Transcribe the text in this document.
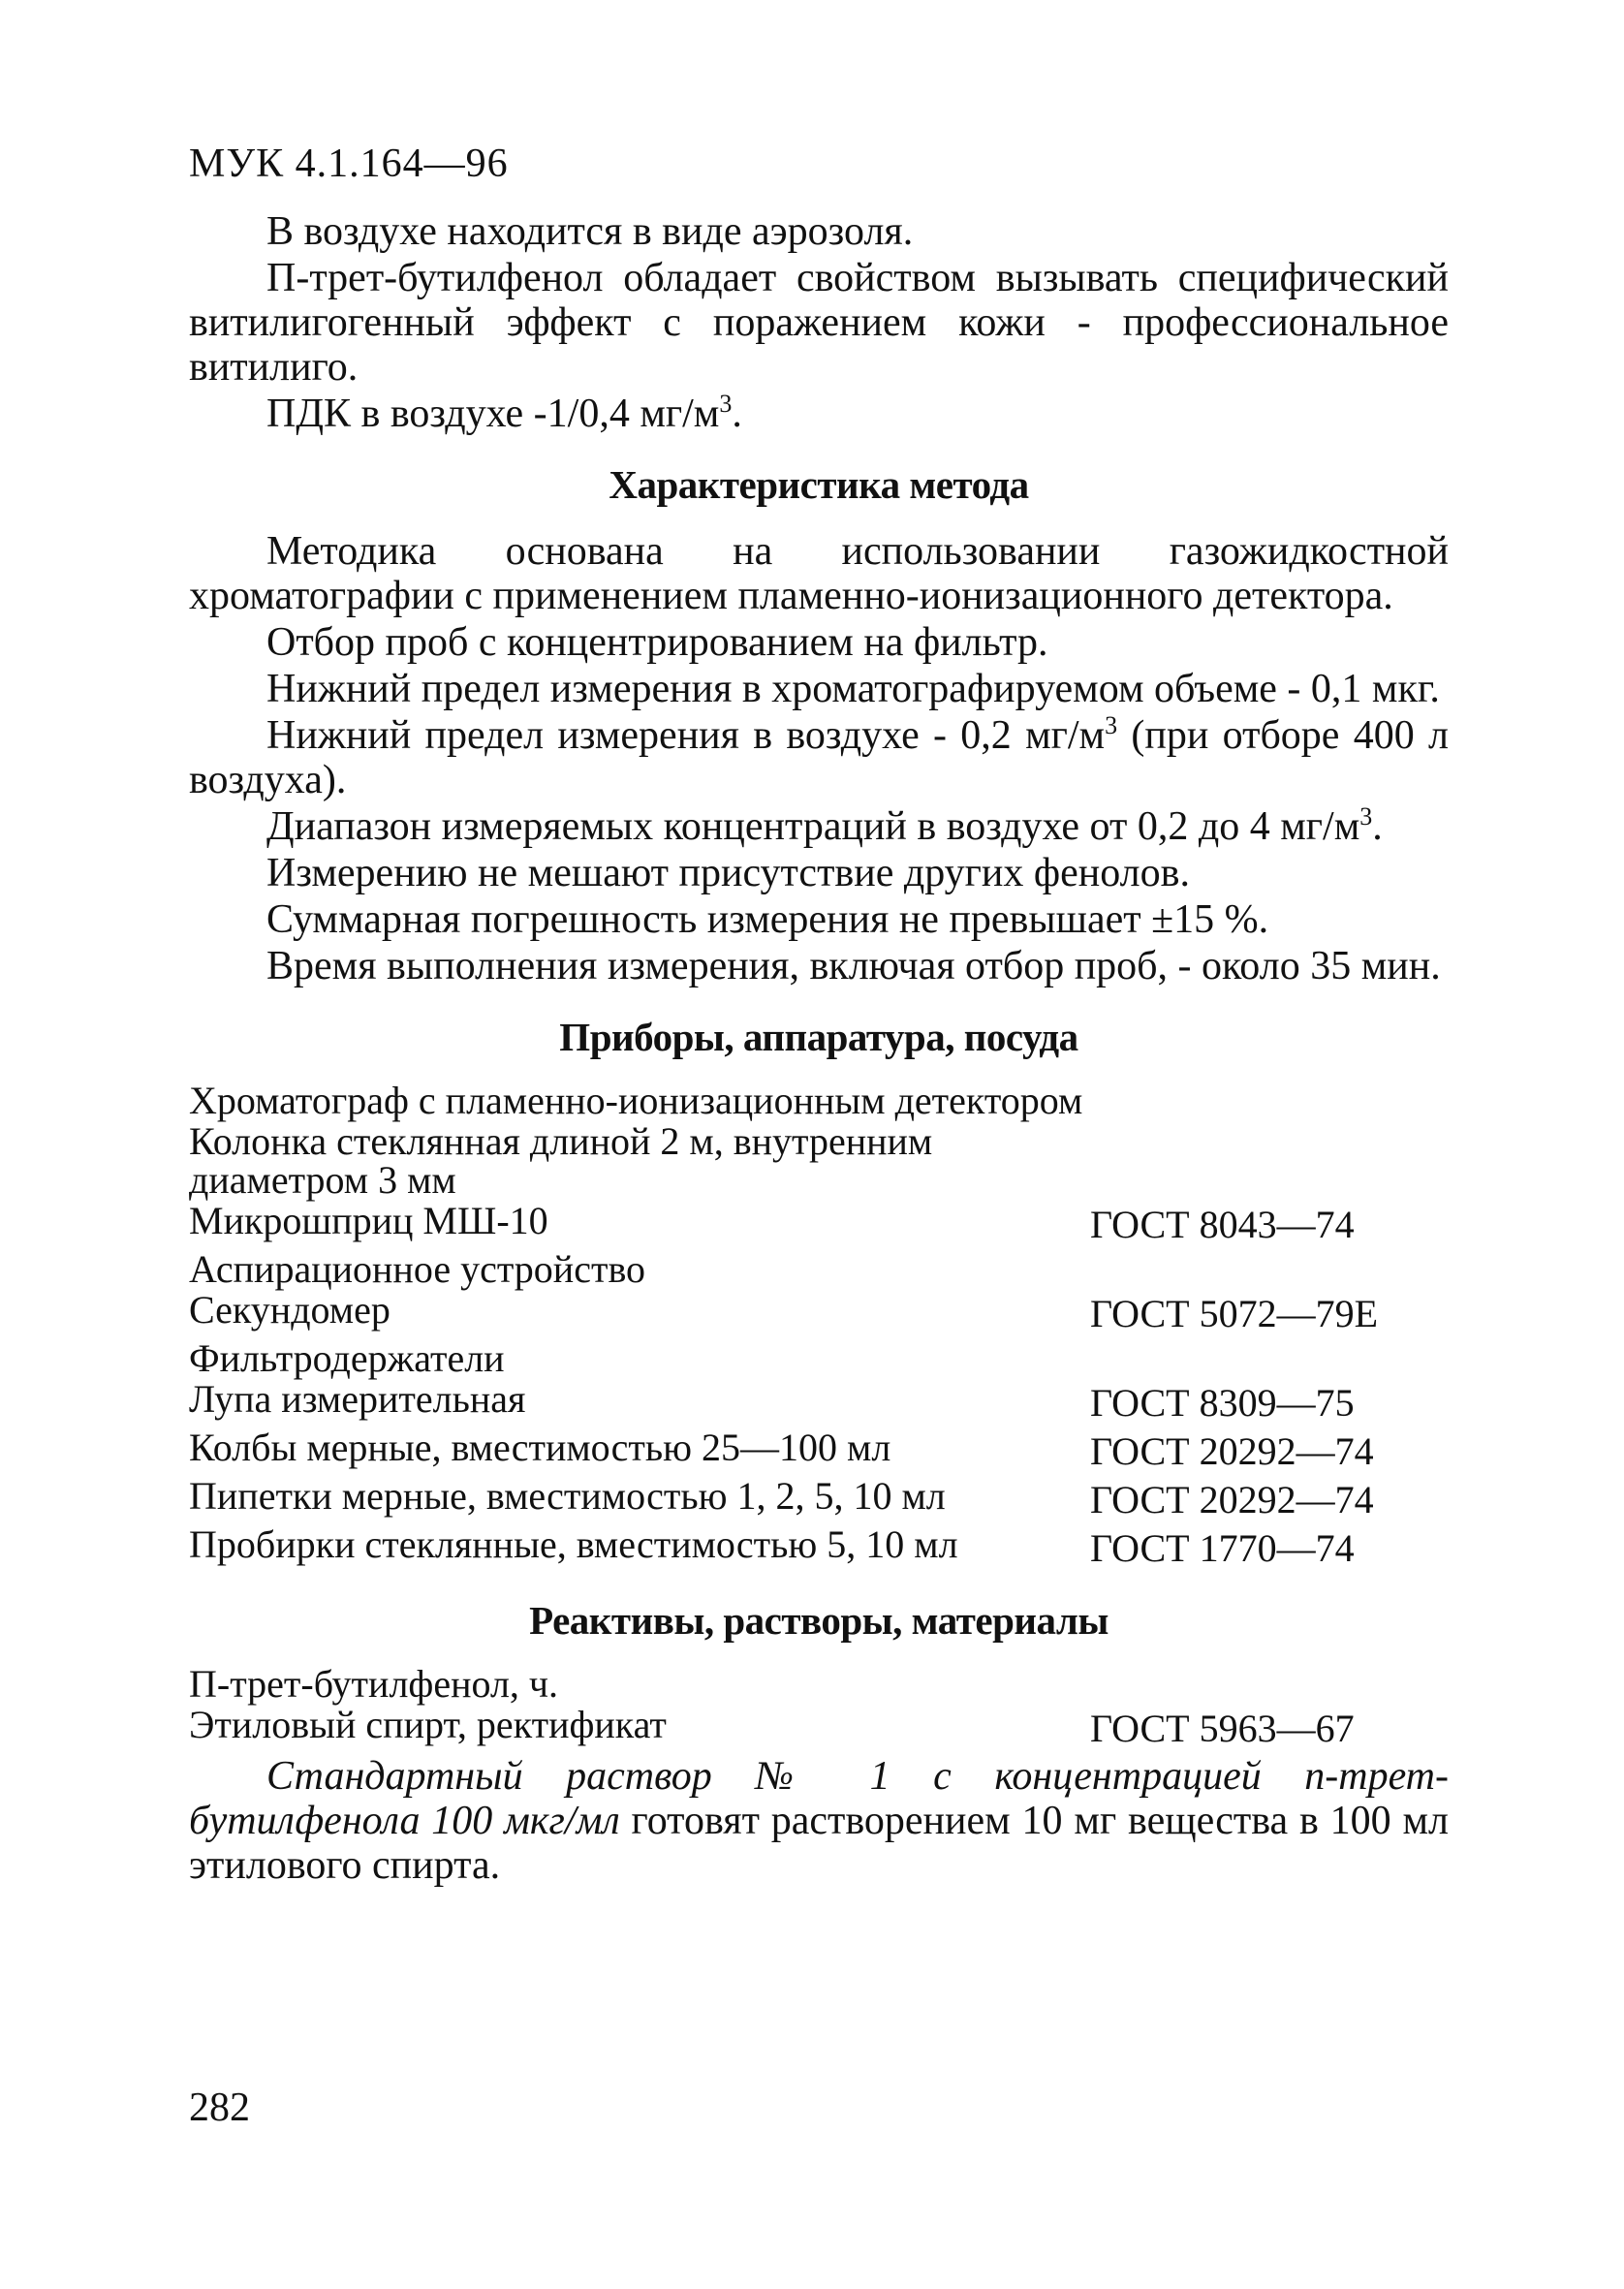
МУК 4.1.164—96

В воздухе находится в виде аэрозоля.

П-трет-бутилфенол обладает свойством вызывать специфический витилигогенный эффект с поражением кожи - профессиональное витилиго.

ПДК в воздухе -1/0,4 $мг/м^3$.

Характеристика метода

Методика основана на использовании газожидкостной хроматографии с применением пламенно-ионизационного детектора.

Отбор проб с концентрированием на фильтр.

Нижний предел измерения в хроматографируемом объеме - 0,1 мкг.

Нижний предел измерения в воздухе - 0,2 $мг/м^3$ (при отборе 400 л воздуха).

Диапазон измеряемых концентраций в воздухе от 0,2 до 4 $мг/м^3$.

Измерению не мешают присутствие других фенолов.

Суммарная погрешность измерения не превышает ±15 %.

Время выполнения измерения, включая отбор проб, - около 35 мин.

Приборы, аппаратура, посуда
Хроматограф с пламенно-ионизационным детектором
Колонка стеклянная длиной 2 м, внутренним диаметром 3 мм
Микрошприц МШ-10	ГОСТ 8043—74
Аспирационное устройство
Секундомер	ГОСТ 5072—79Е
Фильтродержатели
Лупа измерительная	ГОСТ 8309—75
Колбы мерные, вместимостью 25—100 мл	ГОСТ 20292—74
Пипетки мерные, вместимостью 1, 2, 5, 10 мл	ГОСТ 20292—74
Пробирки стеклянные, вместимостью 5, 10 мл	ГОСТ 1770—74
Реактивы, растворы, материалы
П-трет-бутилфенол, ч.
Этиловый спирт, ректификат	ГОСТ 5963—67

Стандартный раствор № 1 с концентрацией п-трет-бутилфенола 100 мкг/мл готовят растворением 10 мг вещества в 100 мл этилового спирта.

282
